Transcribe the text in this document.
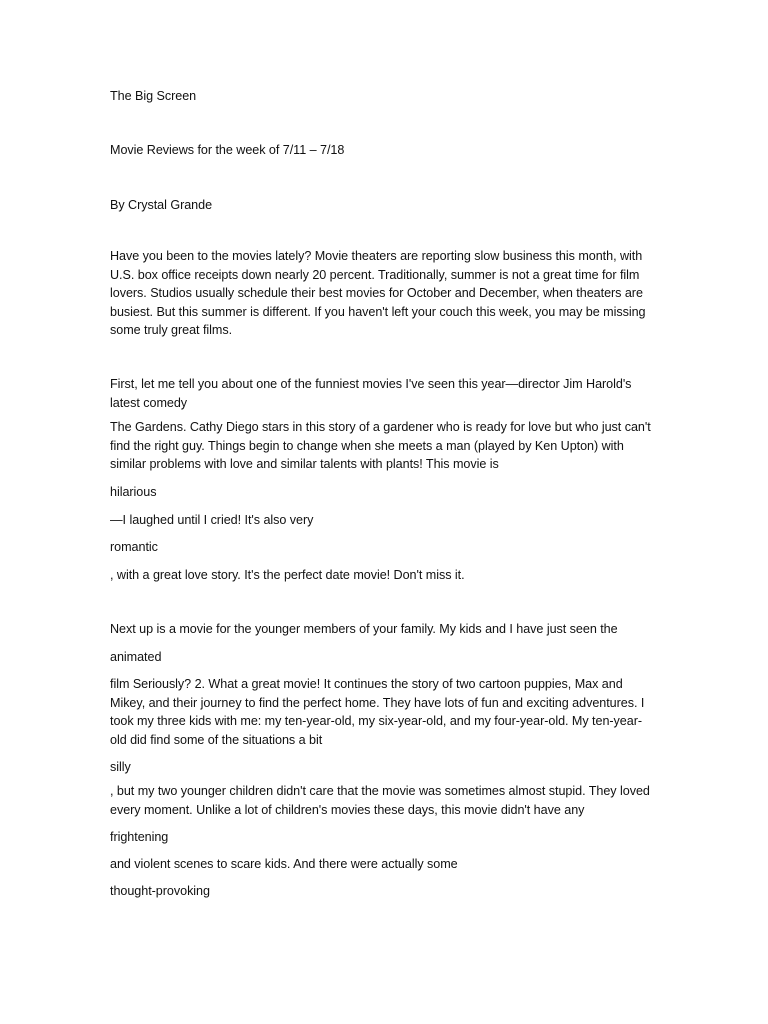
The Big Screen
Movie Reviews for the week of 7/11 – 7/18
By Crystal Grande
Have you been to the movies lately? Movie theaters are reporting slow business this month, with U.S. box office receipts down nearly 20 percent. Traditionally, summer is not a great time for film lovers. Studios usually schedule their best movies for October and December, when theaters are busiest. But this summer is different. If you haven't left your couch this week, you may be missing some truly great films.
First, let me tell you about one of the funniest movies I've seen this year—director Jim Harold's latest comedy
The Gardens. Cathy Diego stars in this story of a gardener who is ready for love but who just can't find the right guy. Things begin to change when she meets a man (played by Ken Upton) with similar problems with love and similar talents with plants! This movie is
hilarious
—I laughed until I cried! It's also very
romantic
, with a great love story. It's the perfect date movie! Don't miss it.
Next up is a movie for the younger members of your family. My kids and I have just seen the
animated
film Seriously? 2. What a great movie! It continues the story of two cartoon puppies, Max and Mikey, and their journey to find the perfect home. They have lots of fun and exciting adventures. I took my three kids with me: my ten-year-old, my six-year-old, and my four-year-old. My ten-year-old did find some of the situations a bit
silly
, but my two younger children didn't care that the movie was sometimes almost stupid. They loved every moment. Unlike a lot of children's movies these days, this movie didn't have any
frightening
and violent scenes to scare kids. And there were actually some
thought-provoking
